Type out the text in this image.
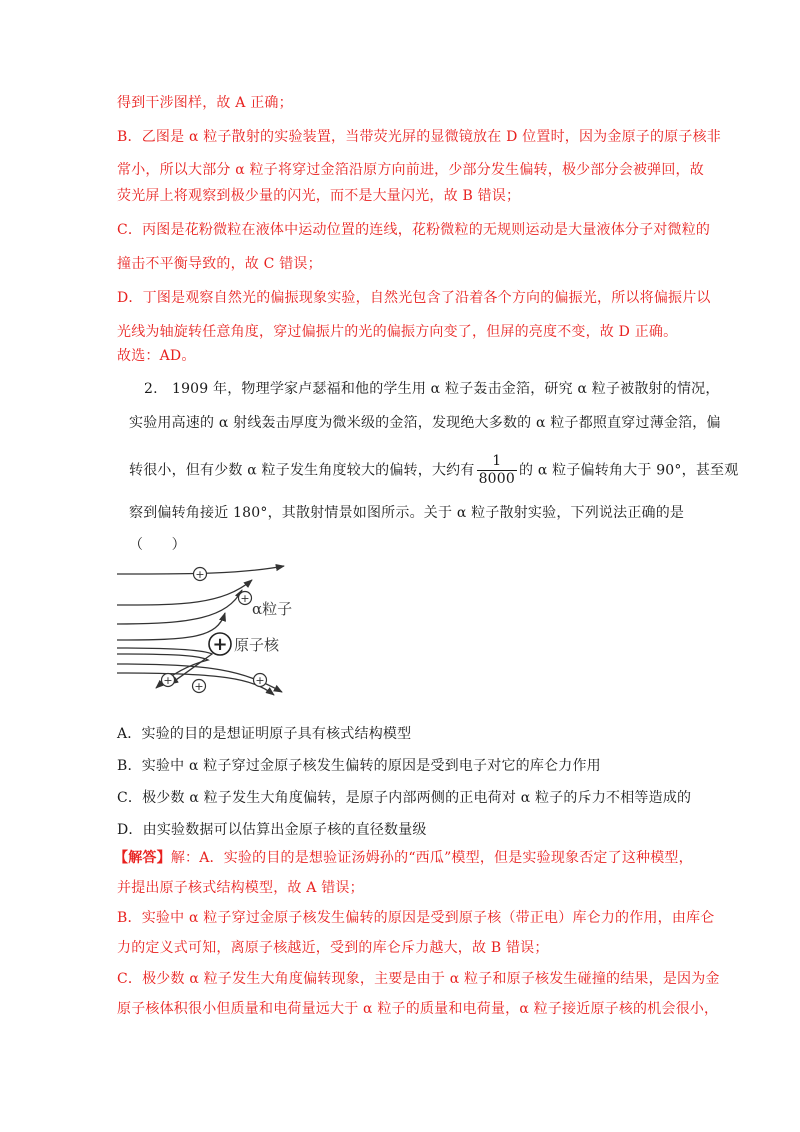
得到干涉图样，故 A 正确；

B．乙图是 α 粒子散射的实验装置，当带荧光屏的显微镜放在 D 位置时，因为金原子的原子核非

常小，所以大部分 α 粒子将穿过金箔沿原方向前进，少部分发生偏转，极少部分会被弹回，故

荧光屏上将观察到极少量的闪光，而不是大量闪光，故 B 错误；

C．丙图是花粉微粒在液体中运动位置的连线，花粉微粒的无规则运动是大量液体分子对微粒的

撞击不平衡导致的，故 C 错误；

D．丁图是观察自然光的偏振现象实验，自然光包含了沿着各个方向的偏振光，所以将偏振片以

光线为轴旋转任意角度，穿过偏振片的光的偏振方向变了，但屏的亮度不变，故 D 正确。

故选：AD。

2.　1909 年，物理学家卢瑟福和他的学生用 α 粒子轰击金箔，研究 α 粒子被散射的情况，

实验用高速的 α 射线轰击厚度为微米级的金箔，发现绝大多数的 α 粒子都照直穿过薄金箔，偏

转很小，但有少数 α 粒子发生角度较大的偏转，大约有 $\frac{1}{8000}$ 的 α 粒子偏转角大于 90°，甚至观

察到偏转角接近 180°，其散射情景如图所示。关于 α 粒子散射实验，下列说法正确的是

（　　）

+
+
+ +	+
+
α粒子
原子核

A．实验的目的是想证明原子具有核式结构模型

B．实验中 α 粒子穿过金原子核发生偏转的原因是受到电子对它的库仑力作用

C．极少数 α 粒子发生大角度偏转，是原子内部两侧的正电荷对 α 粒子的斥力不相等造成的

D．由实验数据可以估算出金原子核的直径数量级

【解答】解：A．实验的目的是想验证汤姆孙的“西瓜”模型，但是实验现象否定了这种模型，

并提出原子核式结构模型，故 A 错误；

B．实验中 α 粒子穿过金原子核发生偏转的原因是受到原子核（带正电）库仑力的作用，由库仑

力的定义式可知，离原子核越近，受到的库仑斥力越大，故 B 错误；

C．极少数 α 粒子发生大角度偏转现象，主要是由于 α 粒子和原子核发生碰撞的结果，是因为金

原子核体积很小但质量和电荷量远大于 α 粒子的质量和电荷量，α 粒子接近原子核的机会很小，
